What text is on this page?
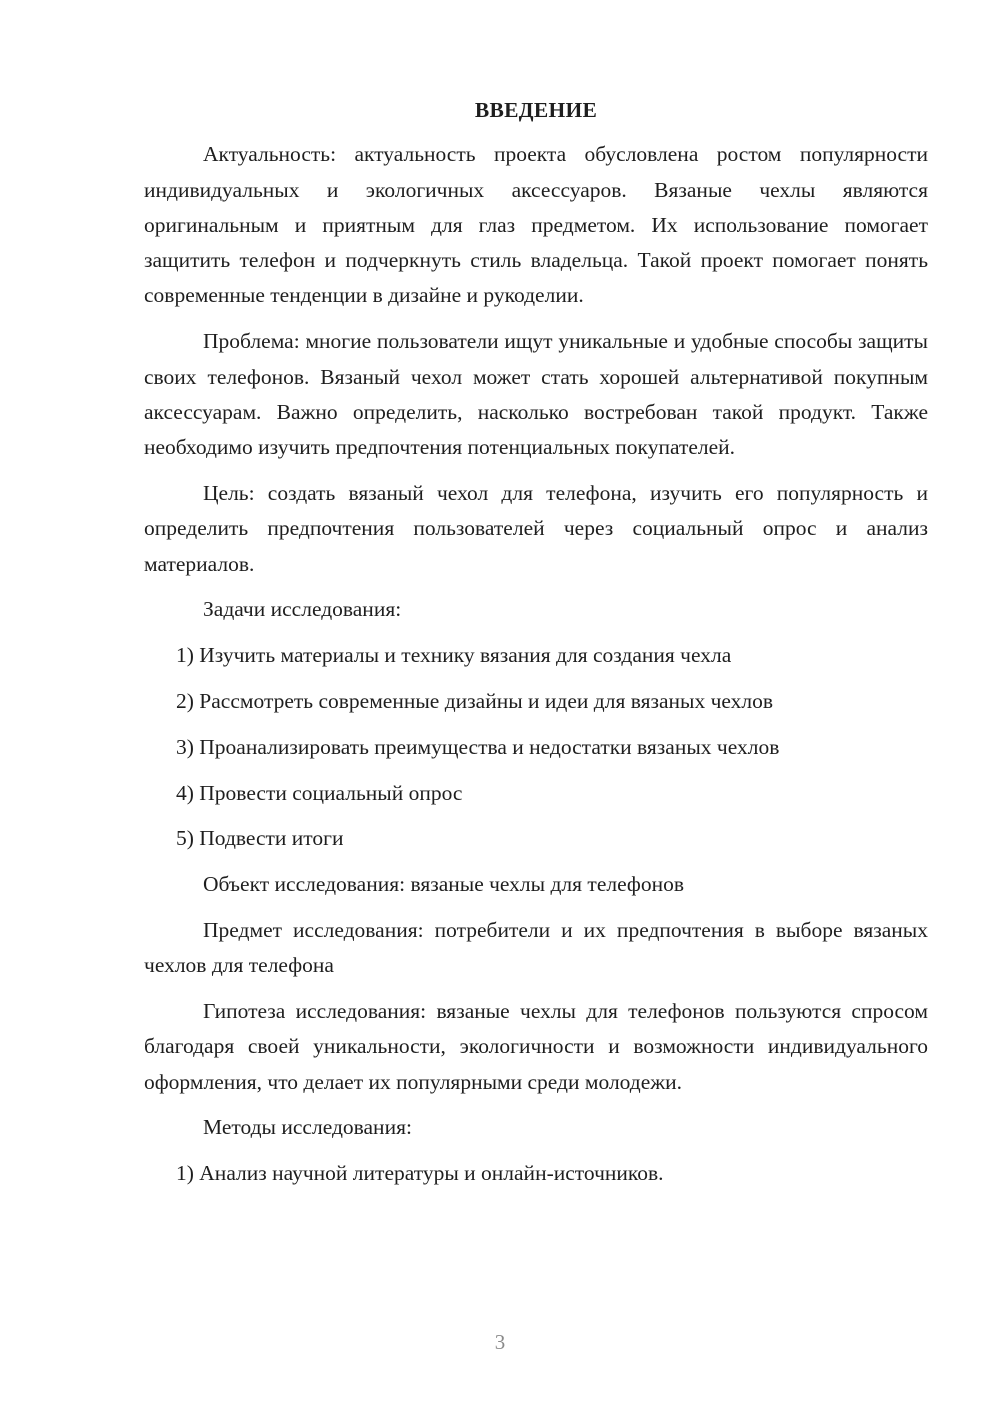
ВВЕДЕНИЕ

Актуальность: актуальность проекта обусловлена ростом популярности индивидуальных и экологичных аксессуаров. Вязаные чехлы являются оригинальным и приятным для глаз предметом. Их использование помогает защитить телефон и подчеркнуть стиль владельца. Такой проект помогает понять современные тенденции в дизайне и рукоделии.

Проблема: многие пользователи ищут уникальные и удобные способы защиты своих телефонов. Вязаный чехол может стать хорошей альтернативой покупным аксессуарам. Важно определить, насколько востребован такой продукт. Также необходимо изучить предпочтения потенциальных покупателей.

Цель: создать вязаный чехол для телефона, изучить его популярность и определить предпочтения пользователей через социальный опрос и анализ материалов.

Задачи исследования:

1) Изучить материалы и технику вязания для создания чехла

2) Рассмотреть современные дизайны и идеи для вязаных чехлов

3) Проанализировать преимущества и недостатки вязаных чехлов

4) Провести социальный опрос

5) Подвести итоги

Объект исследования: вязаные чехлы для телефонов

Предмет исследования: потребители и их предпочтения в выборе вязаных чехлов для телефона

Гипотеза исследования: вязаные чехлы для телефонов пользуются спросом благодаря своей уникальности, экологичности и возможности индивидуального оформления, что делает их популярными среди молодежи.

Методы исследования:

1) Анализ научной литературы и онлайн-источников.

3
